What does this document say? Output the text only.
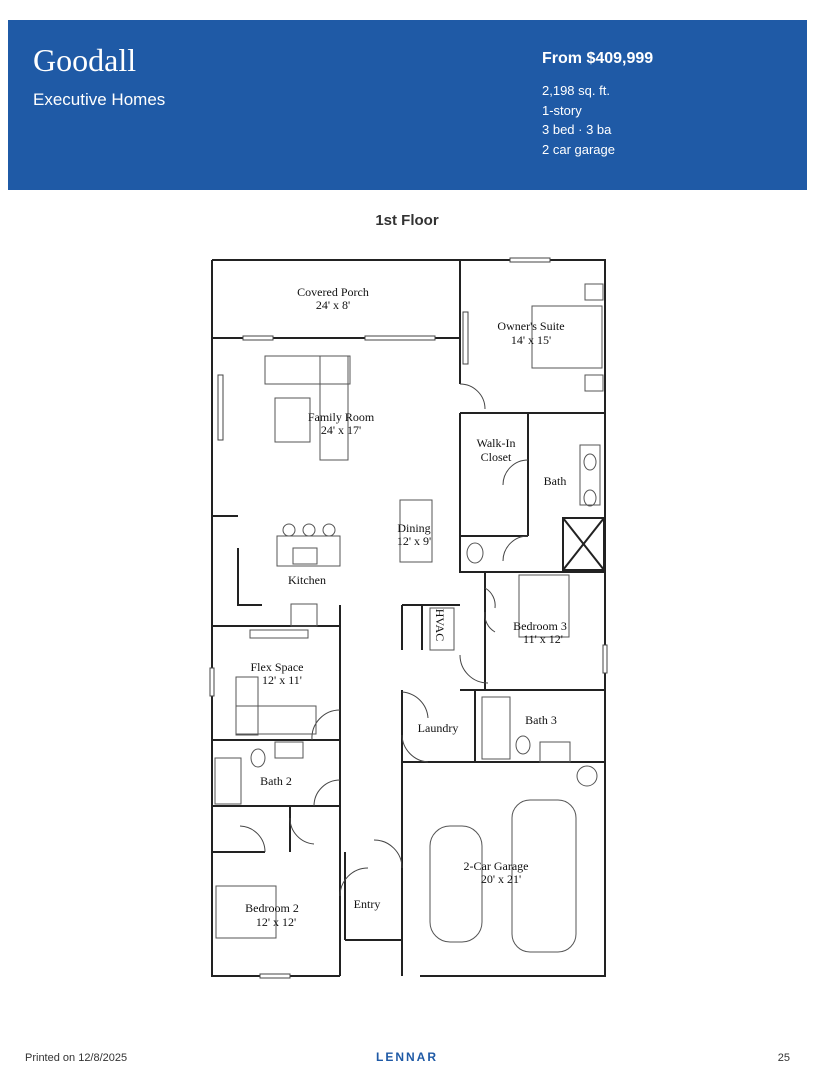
Goodall
Executive Homes
From $409,999
2,198 sq. ft.
1-story
3 bed · 3 ba
2 car garage
1st Floor
Covered Porch
24' x 8'
Owner's Suite
14' x 15'
Family Room
24' x 17'
Walk-In
Closet
Bath
Dining
12' x 9'
Kitchen
HVAC	Bedroom 3
11' x 12'
Flex Space
12' x 11'
Laundry
Bath 3
Bath 2
2-Car Garage
20' x 21'
Entry
Bedroom 2
12' x 12'
Printed on 12/8/2025	LENNAR	25
